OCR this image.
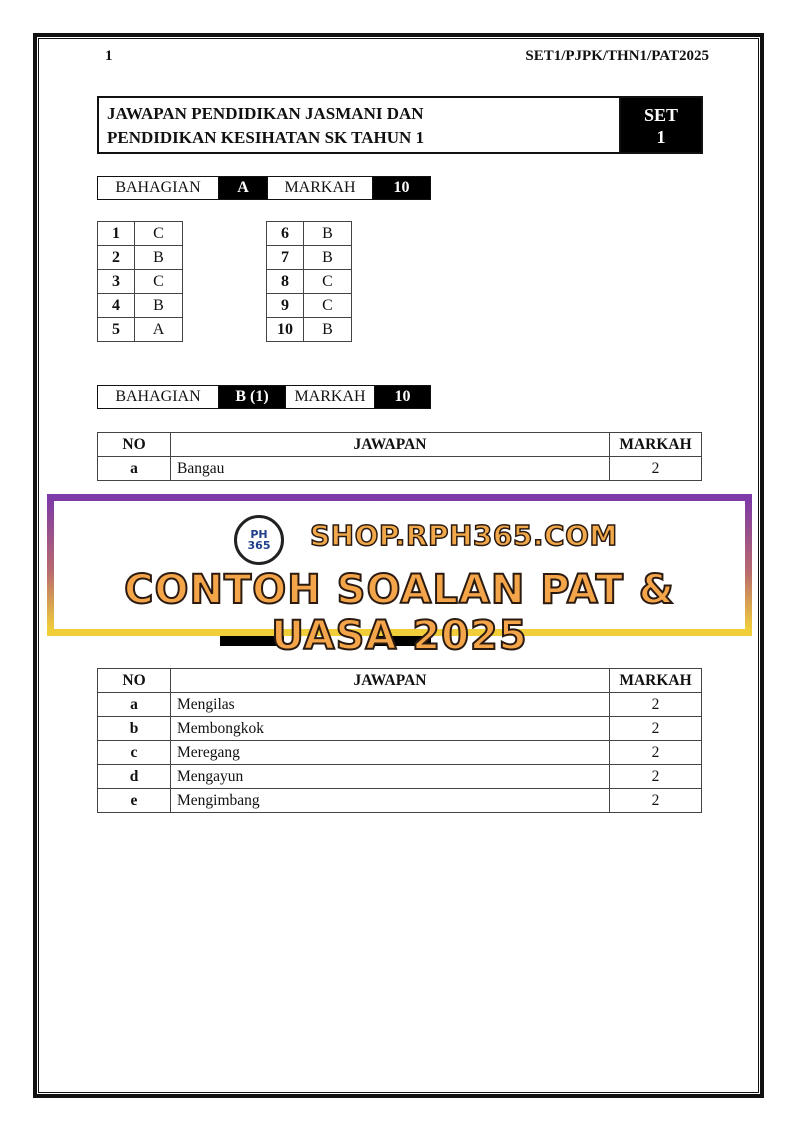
1	SET1/PJPK/THN1/PAT2025
JAWAPAN PENDIDIKAN JASMANI DAN
PENDIDIKAN KESIHATAN SK TAHUN 1
SET
1
BAHAGIAN	A	MARKAH	10
1	C
2	B
3	C
4	B
5	A
6	B
7	B
8	C
9	C
10	B
BAHAGIAN	B (1)	MARKAH	10
NO	JAWAPAN	MARKAH
a	Bangau	2
NO	JAWAPAN	MARKAH
a	Mengilas	2
b	Membongkok	2
c	Meregang	2
d	Mengayun	2
e	Mengimbang	2
PH
365 SHOP.RPH365.COM
CONTOH SOALAN PAT & UASA 2025
